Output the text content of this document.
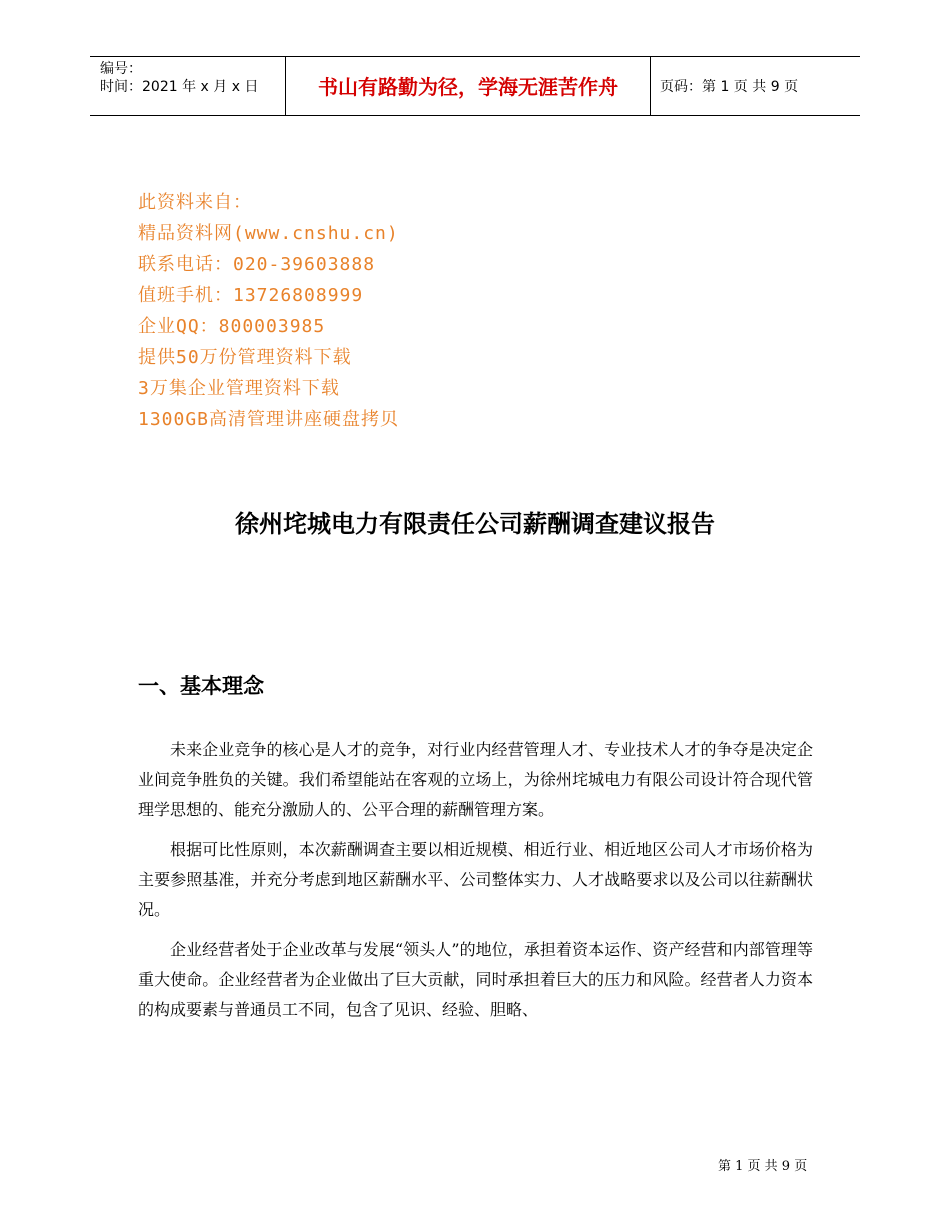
编号：
时间：2021 年 x 月 x 日	书山有路勤为径，学海无涯苦作舟	页码：第 1 页 共 9 页
此资料来自：
精品资料网(www.cnshu.cn)
联系电话：020-39603888
值班手机：13726808999
企业QQ：800003985
提供50万份管理资料下载
3万集企业管理资料下载
1300GB高清管理讲座硬盘拷贝
徐州垞城电力有限责任公司薪酬调查建议报告
一、基本理念

未来企业竞争的核心是人才的竞争，对行业内经营管理人才、专业技术人才的争夺是决定企业间竞争胜负的关键。我们希望能站在客观的立场上，为徐州垞城电力有限公司设计符合现代管理学思想的、能充分激励人的、公平合理的薪酬管理方案。

根据可比性原则，本次薪酬调查主要以相近规模、相近行业、相近地区公司人才市场价格为主要参照基准，并充分考虑到地区薪酬水平、公司整体实力、人才战略要求以及公司以往薪酬状况。

企业经营者处于企业改革与发展“领头人”的地位，承担着资本运作、资产经营和内部管理等重大使命。企业经营者为企业做出了巨大贡献，同时承担着巨大的压力和风险。经营者人力资本的构成要素与普通员工不同，包含了见识、经验、胆略、

第 1 页 共 9 页
